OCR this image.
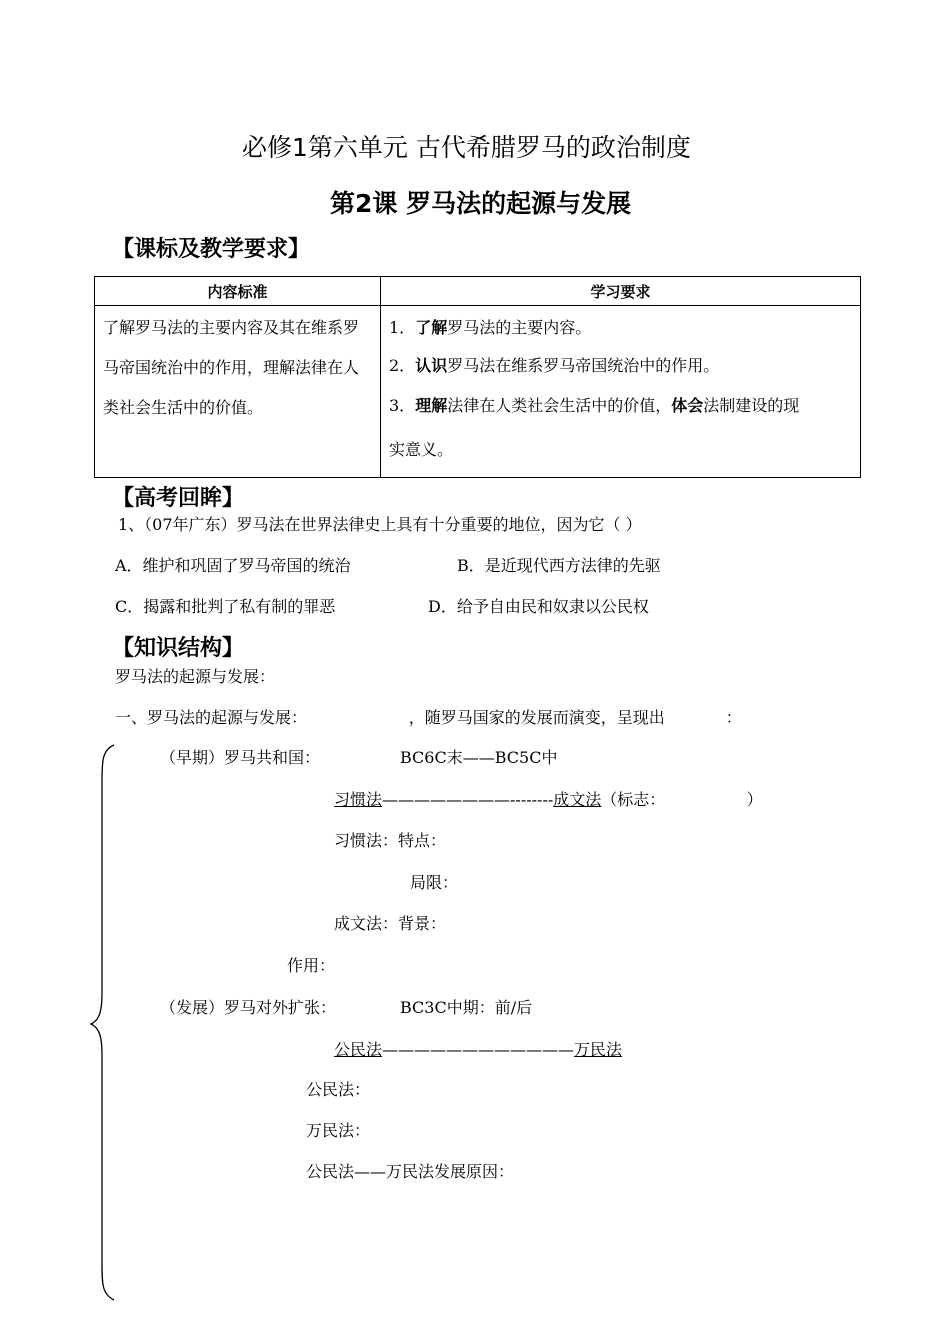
必修1第六单元 古代希腊罗马的政治制度
第2课 罗马法的起源与发展
【课标及教学要求】
内容标准	学习要求

了解罗马法的主要内容及其在维系罗马帝国统治中的作用，理解法律在人类社会生活中的价值。	1．了解罗马法的主要内容。
2．认识罗马法在维系罗马帝国统治中的作用。
3．理解法律在人类社会生活中的价值，体会法制建设的现
实意义。
【高考回眸】
1、（07年广东）罗马法在世界法律史上具有十分重要的地位，因为它（ ）
A．维护和巩固了罗马帝国的统治	B．是近现代西方法律的先驱
C．揭露和批判了私有制的罪恶	D．给予自由民和奴隶以公民权
【知识结构】
罗马法的起源与发展：
一、罗马法的起源与发展：                    ，随罗马国家的发展而演变，呈现出            ：
（早期）罗马共和国：	BC6C末——BC5C中
习惯法————————--------成文法（标志：                ）
习惯法：特点：
局限：
成文法：背景：
作用：
（发展）罗马对外扩张：	BC3C中期：前/后
公民法————————————万民法
公民法：
万民法：
公民法——万民法发展原因：
